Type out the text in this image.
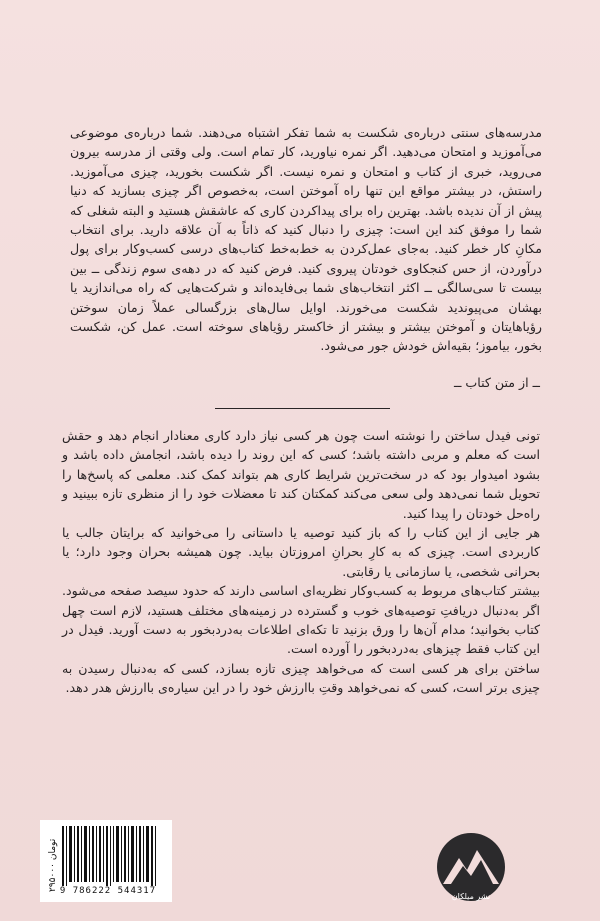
مدرسه‌های سنتی درباره‌ی شکست به شما تفکر اشتباه می‌دهند. شما درباره‌ی موضوعی می‌آموزید و امتحان می‌دهید. اگر نمره نیاورید، کار تمام است. ولی وقتی از مدرسه بیرون می‌روید، خبری از کتاب و امتحان و نمره نیست. اگر شکست بخورید، چیزی می‌آموزید. راستش، در بیشتر مواقع این تنها راه آموختن است، به‌خصوص اگر چیزی بسازید که دنیا پیش از آن ندیده باشد. بهترین راه برای پیداکردن کاری که عاشقش هستید و البته شغلی که شما را موفق کند این است: چیزی را دنبال کنید که ذاتاً به آن علاقه دارید. برای انتخاب مکانِ کار خطر کنید. به‌جای عمل‌کردن به خط‌به‌خط کتاب‌های درسی کسب‌وکار برای پول درآوردن، از حس کنجکاوی خودتان پیروی کنید. فرض کنید که در دهه‌ی سوم زندگی ــ بین بیست تا سی‌سالگی ــ اکثر انتخاب‌های شما بی‌فایده‌اند و شرکت‌هایی که راه می‌اندازید یا بهشان می‌پیوندید شکست می‌خورند. اوایل سال‌های بزرگسالی عملاً زمان سوختن رؤیاهایتان و آموختن بیشتر و بیشتر از خاکستر رؤیاهای سوخته است. عمل کن، شکست بخور، بیاموز؛ بقیه‌اش خودش جور می‌شود.

ــ از متن کتاب ــ

تونی فیدل ساختن را نوشته است چون هر کسی نیاز دارد کاری معنادار انجام دهد و حقش است که معلم و مربی داشته باشد؛ کسی که این روند را دیده باشد، انجامش داده باشد و بشود امیدوار بود که در سخت‌ترین شرایط کاری هم بتواند کمک کند. معلمی که پاسخ‌ها را تحویل شما نمی‌دهد ولی سعی می‌کند کمکتان کند تا معضلات خود را از منظری تازه ببینید و راه‌حل خودتان را پیدا کنید.

هر جایی از این کتاب را که باز کنید توصیه یا داستانی را می‌خوانید که برایتان جالب یا کاربردی است. چیزی که به کارِ بحرانِ امروزتان بیاید. چون همیشه بحران وجود دارد؛ یا بحرانی شخصی، یا سازمانی یا رقابتی.

بیشتر کتاب‌های مربوط به کسب‌وکار نظریه‌ای اساسی دارند که حدود سیصد صفحه می‌شود. اگر به‌دنبال دریافتِ توصیه‌های خوب و گسترده در زمینه‌های مختلف هستید، لازم است چهل کتاب بخوانید؛ مدام آن‌ها را ورق بزنید تا تکه‌ای اطلاعات به‌دردبخور به دست آورید. فیدل در این کتاب فقط چیزهای به‌دردبخور را آورده است.

ساختن برای هر کسی است که می‌خواهد چیزی تازه بسازد، کسی که به‌دنبال رسیدن به چیزی برتر است، کسی که نمی‌خواهد وقتِ باارزش خود را در این سیاره‌ی باارزش هدر دهد.

۲۹۵۰۰۰ تومان
9 786222 544317
نشر میلکان
